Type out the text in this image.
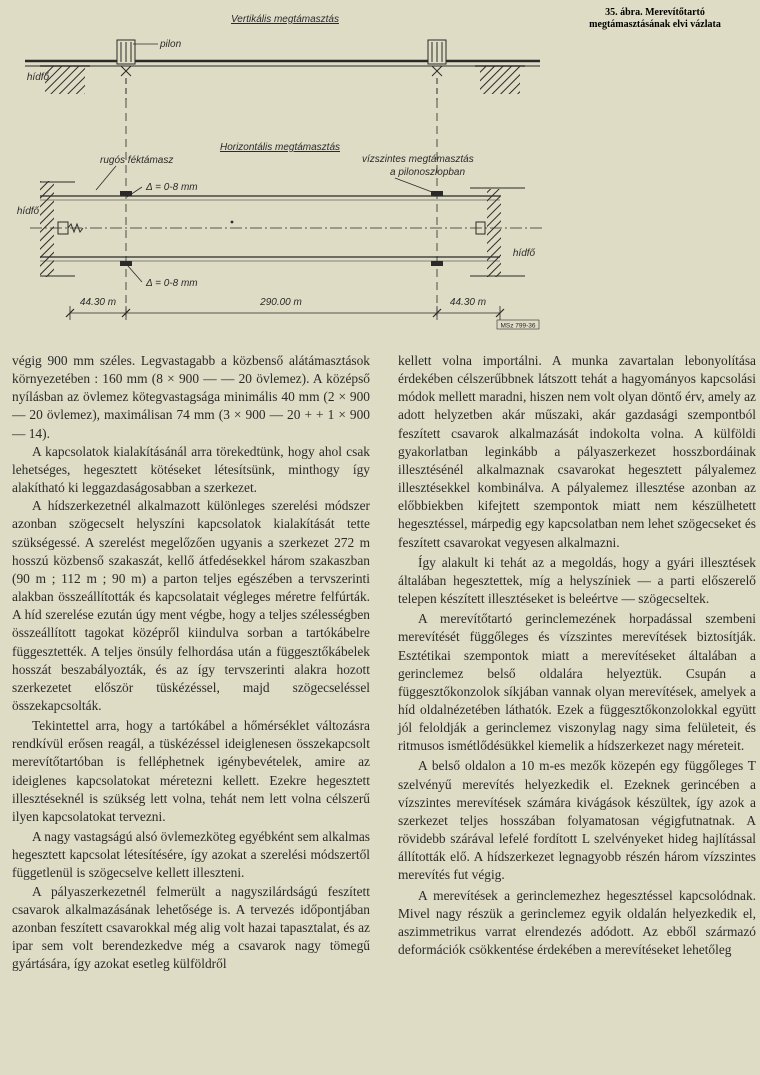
35. ábra. Merevítőtartó
megtámasztásának elvi vázlata
Vertikális megtámasztás
hídfő
pilon
Horizontális megtámasztás
hídfő
hídfő
rugós féktámasz	vízszintes megtámasztás
a pilonoszlopban
Δ = 0-8 mm
Δ = 0-8 mm
44.30 m	290.00 m	44.30 m
MSz 799-36

végig 900 mm széles. Legvastagabb a közbenső alátámasztások környezetében : 160 mm (8 × 900 — — 20 övlemez). A középső nyílásban az övlemez kötegvastagsága minimális 40 mm (2 × 900 — 20 övlemez), maximálisan 74 mm (3 × 900 — 20 + + 1 × 900 — 14).

A kapcsolatok kialakításánál arra törekedtünk, hogy ahol csak lehetséges, hegesztett kötéseket létesítsünk, minthogy így alakítható ki leggazdaságosabban a szerkezet.

A hídszerkezetnél alkalmazott különleges szerelési módszer azonban szögecselt helyszíni kapcsolatok kialakítását tette szükségessé. A szerelést megelőzően ugyanis a szerkezet 272 m hosszú közbenső szakaszát, kellő átfedésekkel három szakaszban (90 m ; 112 m ; 90 m) a parton teljes egészében a tervszerinti alakban összeállították és kapcsolatait végleges méretre felfúrták. A híd szerelése ezután úgy ment végbe, hogy a teljes szélességben összeállított tagokat középről kiindulva sorban a tartókábelre függesztették. A teljes önsúly felhordása után a függesztőkábelek hosszát beszabályozták, és az így tervszerinti alakra hozott szerkezetet először tüskézéssel, majd szögecseléssel összekapcsolták.

Tekintettel arra, hogy a tartókábel a hőmérséklet változásra rendkívül erősen reagál, a tüskézéssel ideiglenesen összekapcsolt merevítőtartóban is felléphetnek igénybevételek, amire az ideiglenes kapcsolatokat méretezni kellett. Ezekre hegesztett illesztéseknél is szükség lett volna, tehát nem lett volna célszerű ilyen kapcsolatokat tervezni.

A nagy vastagságú alsó övlemezköteg egyébként sem alkalmas hegesztett kapcsolat létesítésére, így azokat a szerelési módszertől függetlenül is szögecselve kellett illeszteni.

A pályaszerkezetnél felmerült a nagyszilárdságú feszített csavarok alkalmazásának lehetősége is. A tervezés időpontjában azonban feszített csavarokkal még alig volt hazai tapasztalat, és az ipar sem volt berendezkedve még a csavarok nagy tömegű gyártására, így azokat esetleg külföldről

kellett volna importálni. A munka zavartalan lebonyolítása érdekében célszerűbbnek látszott tehát a hagyományos kapcsolási módok mellett maradni, hiszen nem volt olyan döntő érv, amely az adott helyzetben akár műszaki, akár gazdasági szempontból feszített csavarok alkalmazását indokolta volna. A külföldi gyakorlatban leginkább a pályaszerkezet hosszbordáinak illesztésénél alkalmaznak csavarokat hegesztett pályalemez illesztésekkel kombinálva. A pályalemez illesztése azonban az előbbiekben kifejtett szempontok miatt nem készülhetett hegesztéssel, márpedig egy kapcsolatban nem lehet szögecseket és feszített csavarokat vegyesen alkalmazni.

Így alakult ki tehát az a megoldás, hogy a gyári illesztések általában hegesztettek, míg a helyszíniek — a parti előszerelő telepen készített illesztéseket is beleértve — szögecseltek.

A merevítőtartó gerinclemezének horpadással szembeni merevítését függőleges és vízszintes merevítések biztosítják. Esztétikai szempontok miatt a merevítéseket általában a gerinclemez belső oldalára helyeztük. Csupán a függesztőkonzolok síkjában vannak olyan merevítések, amelyek a híd oldalnézetében láthatók. Ezek a függesztőkonzolokkal együtt jól feloldják a gerinclemez viszonylag nagy sima felületeit, és ritmusos ismétlődésükkel kiemelik a hídszerkezet nagy méreteit.

A belső oldalon a 10 m-es mezők közepén egy függőleges T szelvényű merevítés helyezkedik el. Ezeknek gerincében a vízszintes merevítések számára kivágások készültek, így azok a szerkezet teljes hosszában folyamatosan végigfutnatnak. A rövidebb szárával lefelé fordított L szelvényeket hideg hajlítással állították elő. A hídszerkezet legnagyobb részén három vízszintes merevítés fut végig.

A merevítések a gerinclemezhez hegesztéssel kapcsolódnak. Mivel nagy részük a gerinclemez egyik oldalán helyezkedik el, aszimmetrikus varrat elrendezés adódott. Az ebből származó deformációk csökkentése érdekében a merevítéseket lehetőleg
